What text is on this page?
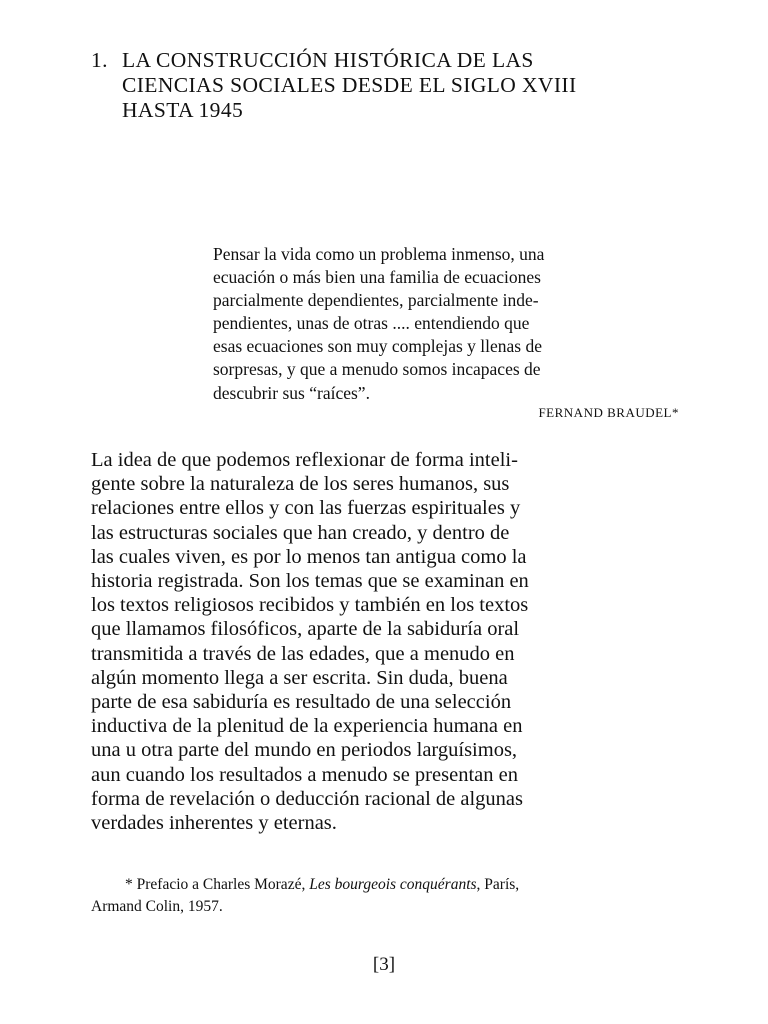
1. LA CONSTRUCCIÓN HISTÓRICA DE LAS
CIENCIAS SOCIALES DESDE EL SIGLO XVIII
HASTA 1945
Pensar la vida como un problema inmenso, una
ecuación o más bien una familia de ecuaciones
parcialmente dependientes, parcialmente inde-
pendientes, unas de otras .... entendiendo que
esas ecuaciones son muy complejas y llenas de
sorpresas, y que a menudo somos incapaces de
descubrir sus “raíces”.
FERNAND BRAUDEL*
La idea de que podemos reflexionar de forma inteli-
gente sobre la naturaleza de los seres humanos, sus
relaciones entre ellos y con las fuerzas espirituales y
las estructuras sociales que han creado, y dentro de
las cuales viven, es por lo menos tan antigua como la
historia registrada. Son los temas que se examinan en
los textos religiosos recibidos y también en los textos
que llamamos filosóficos, aparte de la sabiduría oral
transmitida a través de las edades, que a menudo en
algún momento llega a ser escrita. Sin duda, buena
parte de esa sabiduría es resultado de una selección
inductiva de la plenitud de la experiencia humana en
una u otra parte del mundo en periodos larguísimos,
aun cuando los resultados a menudo se presentan en
forma de revelación o deducción racional de algunas
verdades inherentes y eternas.
* Prefacio a Charles Morazé, Les bourgeois conquérants, París,
Armand Colin, 1957.
[3]
